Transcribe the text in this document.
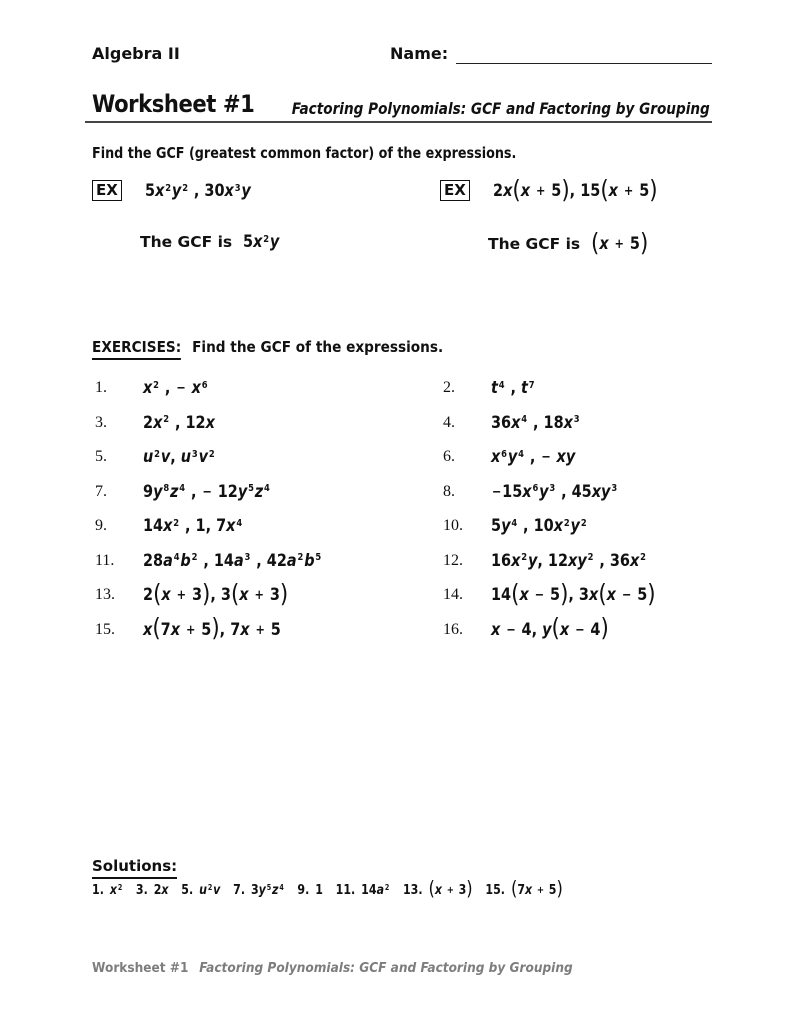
Algebra II	Name:
Worksheet #1 Factoring Polynomials: GCF and Factoring by Grouping
Find the GCF (greatest common factor) of the expressions.
EX $5x^2y^2$ , $30x^3y$
The GCF is $5x^2y$
EX 2x(x + 5), 15(x + 5)
The GCF is (x + 5)
EXERCISES: Find the GCF of the expressions.
1.	$x^2$ , − $x^6$	2.	$t^4$ , $t^7$
3.	$2x^2$ , 12x	4.	$36x^4$ , $18x^3$
5.	$u^2v$, $u^3v^2$	6.	$x^6y^4$ , − xy
7.	$9y^8z^4$ , − $12y^5z^4$	8.	$-15x^6y^3$ , $45xy^3$
9.	$14x^2$ , 1, $7x^4$	10.	$5y^4$ , $10x^2y^2$
11.	$28a^4b^2$ , $14a^3$ , $42a^2b^5$	12.	$16x^2y$, $12xy^2$ , $36x^2$
13.	2(x + 3), 3(x + 3)	14.	14(x − 5), 3x(x − 5)
15.	x(7x + 5), 7x + 5	16.	x − 4, y(x − 4)
Solutions:
1. $x^2$ 3. 2x 5. $u^2v$ 7. $3y^5z^4$ 9. 1 11. $14a^2$ 13. (x + 3) 15. (7x + 5)
Worksheet #1 Factoring Polynomials: GCF and Factoring by Grouping
